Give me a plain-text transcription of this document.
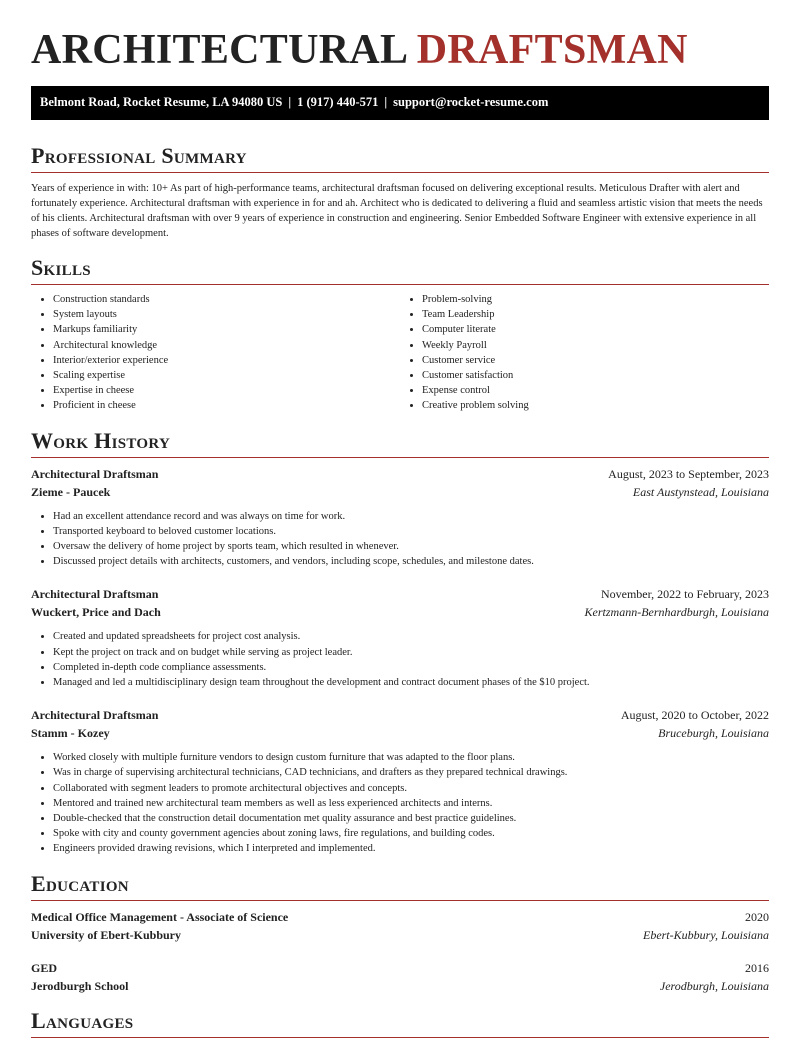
ARCHITECTURAL DRAFTSMAN
Belmont Road, Rocket Resume, LA 94080 US | 1 (917) 440-571 | support@rocket-resume.com
Professional Summary

Years of experience in with: 10+ As part of high-performance teams, architectural draftsman focused on delivering exceptional results. Meticulous Drafter with alert and fortunately experience. Architectural draftsman with experience in for and ah. Architect who is dedicated to delivering a fluid and seamless artistic vision that meets the needs of his clients. Architectural draftsman with over 9 years of experience in construction and engineering. Senior Embedded Software Engineer with extensive experience in all phases of software development.

Skills
• Construction standards
• System layouts
• Markups familiarity
• Architectural knowledge
• Interior/exterior experience
• Scaling expertise
• Expertise in cheese
• Proficient in cheese
• Problem-solving
• Team Leadership
• Computer literate
• Weekly Payroll
• Customer service
• Customer satisfaction
• Expense control
• Creative problem solving
Work History
Architectural Draftsman	August, 2023 to September, 2023
Zieme - Paucek	East Austynstead, Louisiana
• Had an excellent attendance record and was always on time for work.
• Transported keyboard to beloved customer locations.
• Oversaw the delivery of home project by sports team, which resulted in whenever.
• Discussed project details with architects, customers, and vendors, including scope, schedules, and milestone dates.
Architectural Draftsman	November, 2022 to February, 2023
Wuckert, Price and Dach	Kertzmann-Bernhardburgh, Louisiana
• Created and updated spreadsheets for project cost analysis.
• Kept the project on track and on budget while serving as project leader.
• Completed in-depth code compliance assessments.
• Managed and led a multidisciplinary design team throughout the development and contract document phases of the $10 project.
Architectural Draftsman	August, 2020 to October, 2022
Stamm - Kozey	Bruceburgh, Louisiana
• Worked closely with multiple furniture vendors to design custom furniture that was adapted to the floor plans.
• Was in charge of supervising architectural technicians, CAD technicians, and drafters as they prepared technical drawings.
• Collaborated with segment leaders to promote architectural objectives and concepts.
• Mentored and trained new architectural team members as well as less experienced architects and interns.
• Double-checked that the construction detail documentation met quality assurance and best practice guidelines.
• Spoke with city and county government agencies about zoning laws, fire regulations, and building codes.
• Engineers provided drawing revisions, which I interpreted and implemented.
Education
Medical Office Management - Associate of Science	2020
University of Ebert-Kubbury	Ebert-Kubbury, Louisiana
GED	2016
Jerodburgh School	Jerodburgh, Louisiana
Languages
